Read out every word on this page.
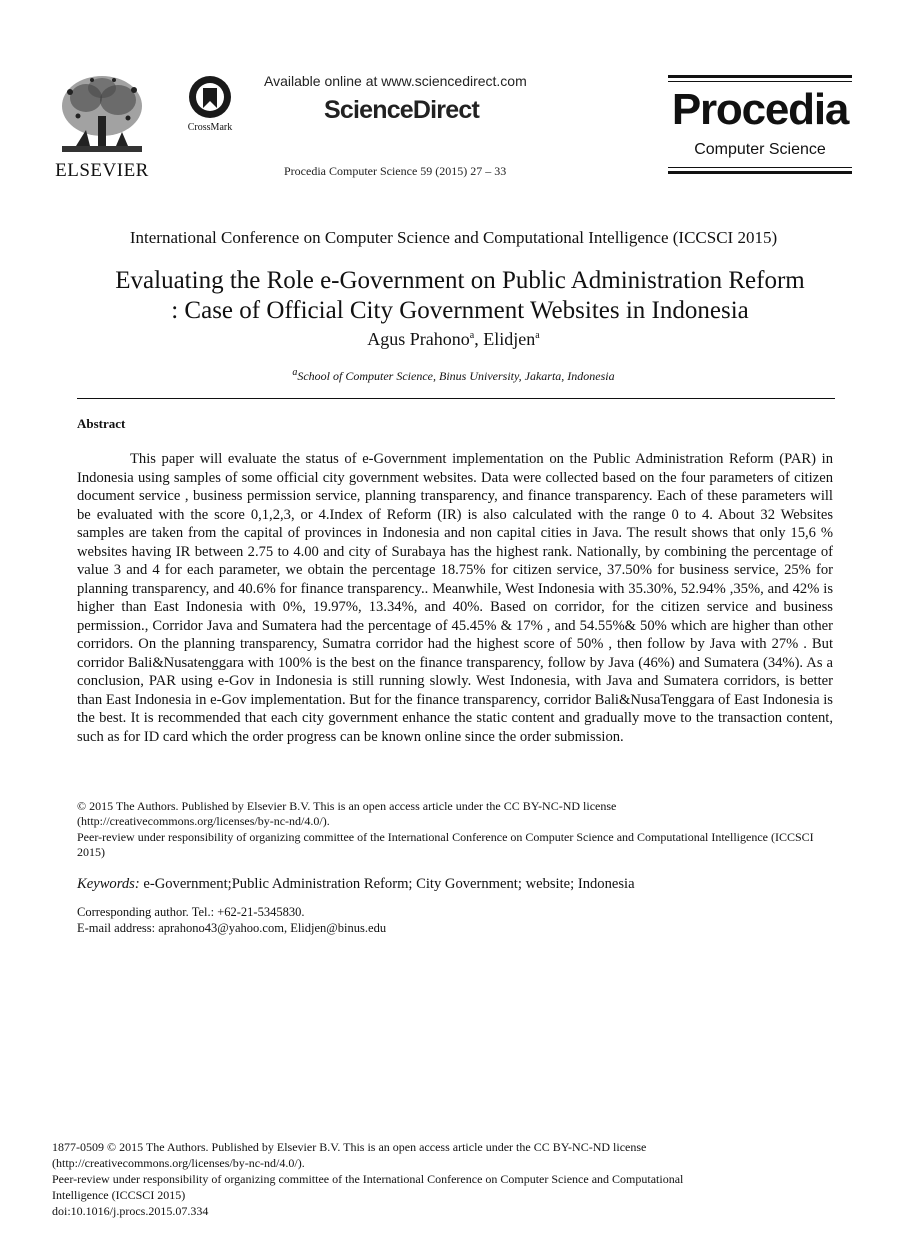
ELSEVIER
CrossMark
Available online at www.sciencedirect.com
ScienceDirect
Procedia Computer Science 59 (2015) 27 – 33
Procedia
Computer Science
International Conference on Computer Science and Computational Intelligence (ICCSCI 2015)
Evaluating the Role e-Government on Public Administration Reform
: Case of Official City Government Websites in Indonesia
Agus Prahono$^a$, Elidjen$^a$
$^a$School of Computer Science, Binus University, Jakarta, Indonesia
Abstract
This paper will evaluate the status of e-Government implementation on the Public Administration Reform (PAR) in Indonesia using samples of some official city government websites. Data were collected based on the four parameters of citizen document service , business permission service, planning transparency, and finance transparency. Each of these parameters will be evaluated with the score 0,1,2,3, or 4.Index of Reform (IR) is also calculated with the range 0 to 4. About 32 Websites samples are taken from the capital of provinces in Indonesia and non capital cities in Java. The result shows that only 15,6 % websites having IR between 2.75 to 4.00 and city of Surabaya has the highest rank. Nationally, by combining the percentage of value 3 and 4 for each parameter, we obtain the percentage 18.75% for citizen service, 37.50% for business service, 25% for planning transparency, and 40.6% for finance transparency.. Meanwhile, West Indonesia with 35.30%, 52.94% ,35%, and 42% is higher than East Indonesia with 0%, 19.97%, 13.34%, and 40%. Based on corridor, for the citizen service and business permission., Corridor Java and Sumatera had the percentage of 45.45% & 17% , and 54.55%& 50% which are higher than other corridors. On the planning transparency, Sumatra corridor had the highest score of 50% , then follow by Java with 27% . But corridor Bali&Nusatenggara with 100% is the best on the finance transparency, follow by Java (46%) and Sumatera (34%). As a conclusion, PAR using e-Gov in Indonesia is still running slowly. West Indonesia, with Java and Sumatera corridors, is better than East Indonesia in e-Gov implementation. But for the finance transparency, corridor Bali&NusaTenggara of East Indonesia is the best. It is recommended that each city government enhance the static content and gradually move to the transaction content, such as for ID card which the order progress can be known online since the order submission.

© 2015 The Authors. Published by Elsevier B.V. This is an open access article under the CC BY-NC-ND license

(http://creativecommons.org/licenses/by-nc-nd/4.0/).

Peer-review under responsibility of organizing committee of the International Conference on Computer Science and Computational Intelligence (ICCSCI 2015)

Keywords: e-Government;Public Administration Reform; City Government; website; Indonesia

Corresponding author. Tel.: +62-21-5345830.

E-mail address: aprahono43@yahoo.com, Elidjen@binus.edu

1877-0509 © 2015 The Authors. Published by Elsevier B.V. This is an open access article under the CC BY-NC-ND license

(http://creativecommons.org/licenses/by-nc-nd/4.0/).

Peer-review under responsibility of organizing committee of the International Conference on Computer Science and Computational

Intelligence (ICCSCI 2015)

doi:10.1016/j.procs.2015.07.334
